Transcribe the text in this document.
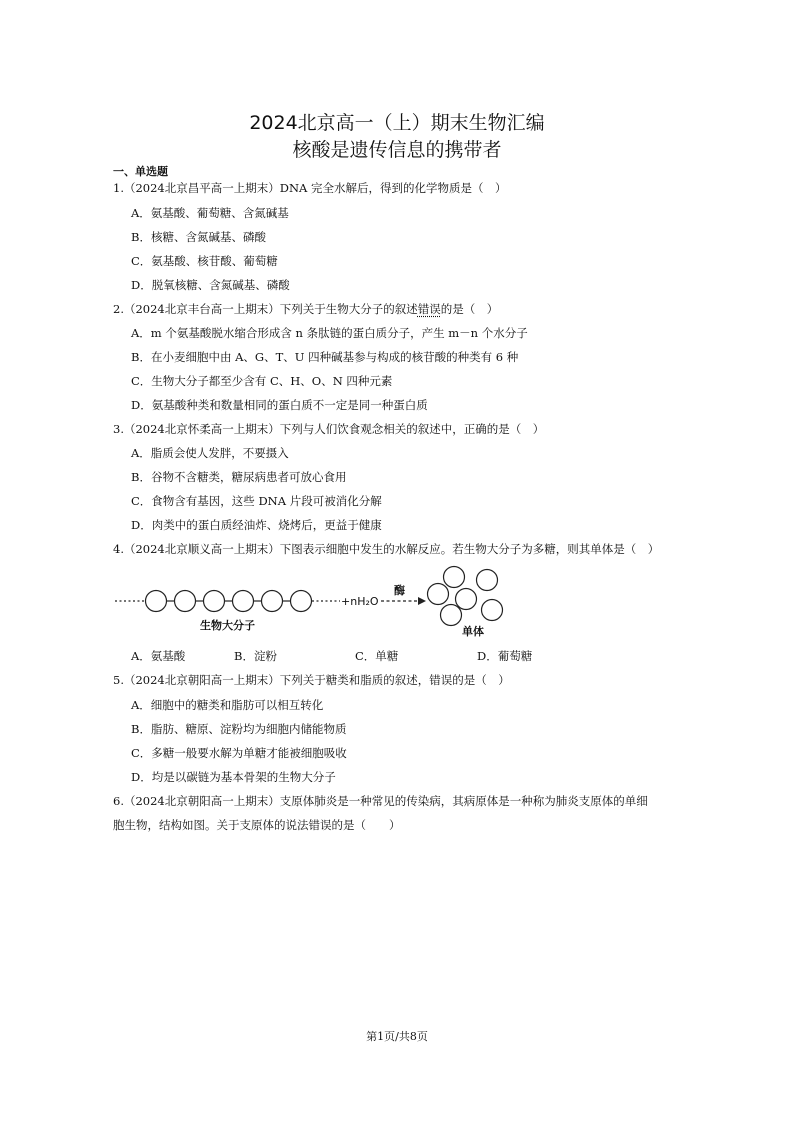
2024北京高一（上）期末生物汇编
核酸是遗传信息的携带者
一、单选题
1.（2024北京昌平高一上期末）DNA 完全水解后，得到的化学物质是（　）
A．氨基酸、葡萄糖、含氮碱基
B．核糖、含氮碱基、磷酸
C．氨基酸、核苷酸、葡萄糖
D．脱氧核糖、含氮碱基、磷酸
2.（2024北京丰台高一上期末）下列关于生物大分子的叙述错误的是（　）
A．m 个氨基酸脱水缩合形成含 n 条肽链的蛋白质分子，产生 m－n 个水分子
B．在小麦细胞中由 A、G、T、U 四种碱基参与构成的核苷酸的种类有 6 种
C．生物大分子都至少含有 C、H、O、N 四种元素
D．氨基酸种类和数量相同的蛋白质不一定是同一种蛋白质
3.（2024北京怀柔高一上期末）下列与人们饮食观念相关的叙述中，正确的是（　）
A．脂质会使人发胖，不要摄入
B．谷物不含糖类，糖尿病患者可放心食用
C．食物含有基因，这些 DNA 片段可被消化分解
D．肉类中的蛋白质经油炸、烧烤后，更益于健康
4.（2024北京顺义高一上期末）下图表示细胞中发生的水解反应。若生物大分子为多糖，则其单体是（　）
+nH₂O
酶
生物大分子	单体
A．氨基酸	B．淀粉	C．单糖	D．葡萄糖
5.（2024北京朝阳高一上期末）下列关于糖类和脂质的叙述，错误的是（　）
A．细胞中的糖类和脂肪可以相互转化
B．脂肪、糖原、淀粉均为细胞内储能物质
C．多糖一般要水解为单糖才能被细胞吸收
D．均是以碳链为基本骨架的生物大分子
6.（2024北京朝阳高一上期末）支原体肺炎是一种常见的传染病，其病原体是一种称为肺炎支原体的单细
胞生物，结构如图。关于支原体的说法错误的是（　　）
第1页/共8页
